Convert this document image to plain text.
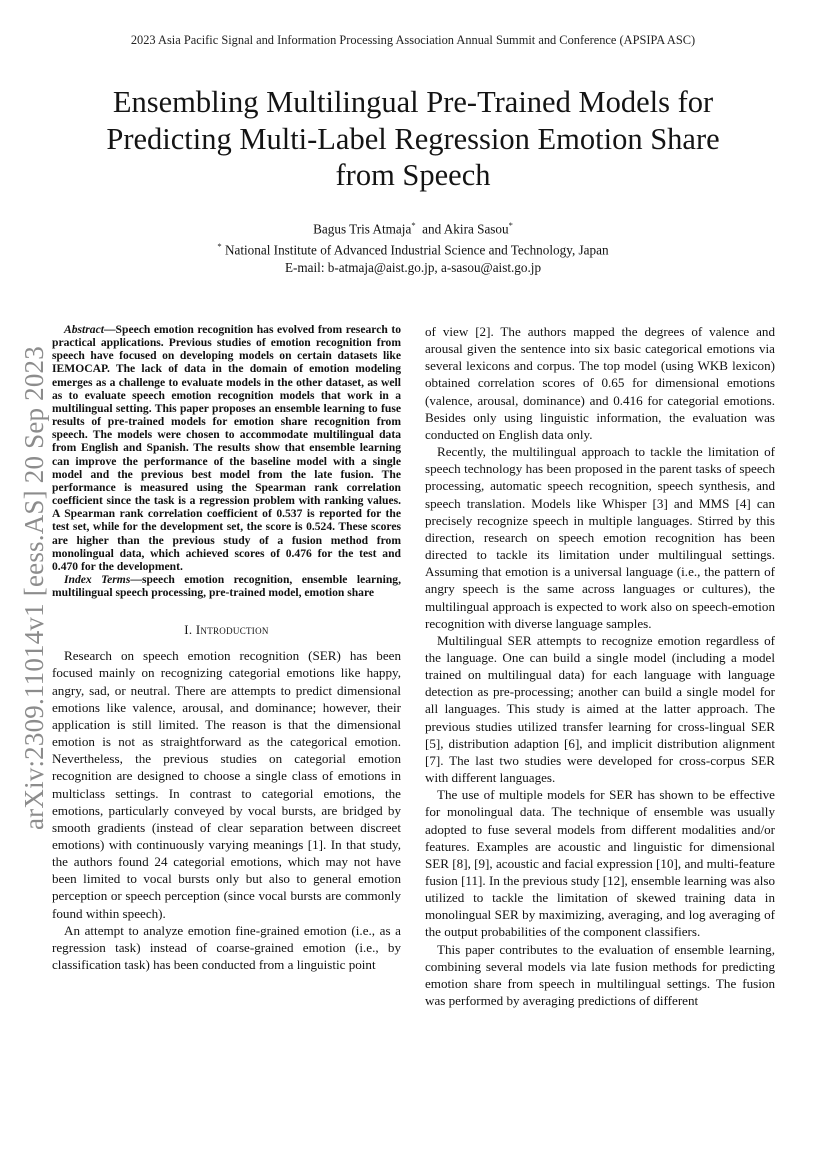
2023 Asia Pacific Signal and Information Processing Association Annual Summit and Conference (APSIPA ASC)
Ensembling Multilingual Pre-Trained Models for
Predicting Multi-Label Regression Emotion Share
from Speech
Bagus Tris Atmaja* and Akira Sasou*
* National Institute of Advanced Industrial Science and Technology, Japan
E-mail: b-atmaja@aist.go.jp, a-sasou@aist.go.jp
arXiv:2309.11014v1 [eess.AS] 20 Sep 2023

Abstract—Speech emotion recognition has evolved from research to practical applications. Previous studies of emotion recognition from speech have focused on developing models on certain datasets like IEMOCAP. The lack of data in the domain of emotion modeling emerges as a challenge to evaluate models in the other dataset, as well as to evaluate speech emotion recognition models that work in a multilingual setting. This paper proposes an ensemble learning to fuse results of pre-trained models for emotion share recognition from speech. The models were chosen to accommodate multilingual data from English and Spanish. The results show that ensemble learning can improve the performance of the baseline model with a single model and the previous best model from the late fusion. The performance is measured using the Spearman rank correlation coefficient since the task is a regression problem with ranking values. A Spearman rank correlation coefficient of 0.537 is reported for the test set, while for the development set, the score is 0.524. These scores are higher than the previous study of a fusion method from monolingual data, which achieved scores of 0.476 for the test and 0.470 for the development.

Index Terms—speech emotion recognition, ensemble learning, multilingual speech processing, pre-trained model, emotion share

I. Introduction

Research on speech emotion recognition (SER) has been focused mainly on recognizing categorial emotions like happy, angry, sad, or neutral. There are attempts to predict dimensional emotions like valence, arousal, and dominance; however, their application is still limited. The reason is that the dimensional emotion is not as straightforward as the categorical emotion. Nevertheless, the previous studies on categorial emotion recognition are designed to choose a single class of emotions in multiclass settings. In contrast to categorial emotions, the emotions, particularly conveyed by vocal bursts, are bridged by smooth gradients (instead of clear separation between discreet emotions) with continuously varying meanings [1]. In that study, the authors found 24 categorial emotions, which may not have been limited to vocal bursts only but also to general emotion perception or speech perception (since vocal bursts are commonly found within speech).

An attempt to analyze emotion fine-grained emotion (i.e., as a regression task) instead of coarse-grained emotion (i.e., by classification task) has been conducted from a linguistic point

of view [2]. The authors mapped the degrees of valence and arousal given the sentence into six basic categorical emotions via several lexicons and corpus. The top model (using WKB lexicon) obtained correlation scores of 0.65 for dimensional emotions (valence, arousal, dominance) and 0.416 for categorial emotions. Besides only using linguistic information, the evaluation was conducted on English data only.

Recently, the multilingual approach to tackle the limitation of speech technology has been proposed in the parent tasks of speech processing, automatic speech recognition, speech synthesis, and speech translation. Models like Whisper [3] and MMS [4] can precisely recognize speech in multiple languages. Stirred by this direction, research on speech emotion recognition has been directed to tackle its limitation under multilingual settings. Assuming that emotion is a universal language (i.e., the pattern of angry speech is the same across languages or cultures), the multilingual approach is expected to work also on speech-emotion recognition with diverse language samples.

Multilingual SER attempts to recognize emotion regardless of the language. One can build a single model (including a model trained on multilingual data) for each language with language detection as pre-processing; another can build a single model for all languages. This study is aimed at the latter approach. The previous studies utilized transfer learning for cross-lingual SER [5], distribution adaption [6], and implicit distribution alignment [7]. The last two studies were developed for cross-corpus SER with different languages.

The use of multiple models for SER has shown to be effective for monolingual data. The technique of ensemble was usually adopted to fuse several models from different modalities and/or features. Examples are acoustic and linguistic for dimensional SER [8], [9], acoustic and facial expression [10], and multi-feature fusion [11]. In the previous study [12], ensemble learning was also utilized to tackle the limitation of skewed training data in monolingual SER by maximizing, averaging, and log averaging of the output probabilities of the component classifiers.

This paper contributes to the evaluation of ensemble learning, combining several models via late fusion methods for predicting emotion share from speech in multilingual settings. The fusion was performed by averaging predictions of different
